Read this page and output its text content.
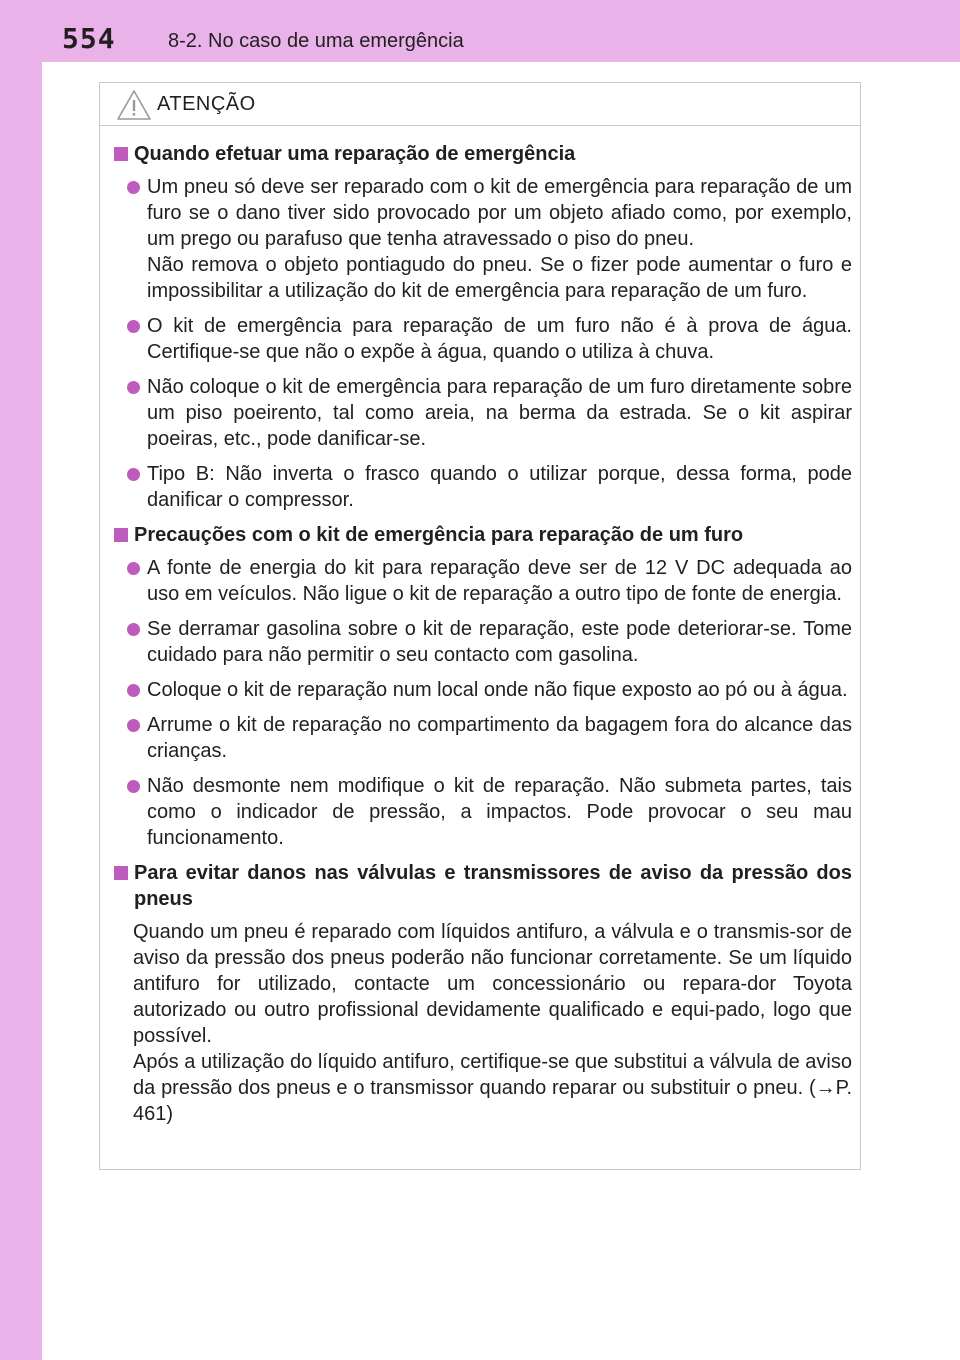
554	8-2. No caso de uma emergência
ATENÇÃO
Quando efetuar uma reparação de emergência
Um pneu só deve ser reparado com o kit de emergência para reparação de um furo se o dano tiver sido provocado por um objeto afiado como, por exemplo, um prego ou parafuso que tenha atravessado o piso do pneu.
Não remova o objeto pontiagudo do pneu. Se o fizer pode aumentar o furo e impossibilitar a utilização do kit de emergência para reparação de um furo.
O kit de emergência para reparação de um furo não é à prova de água. Certifique-se que não o expõe à água, quando o utiliza à chuva.
Não coloque o kit de emergência para reparação de um furo diretamente sobre um piso poeirento, tal como areia, na berma da estrada. Se o kit aspirar poeiras, etc., pode danificar-se.
Tipo B: Não inverta o frasco quando o utilizar porque, dessa forma, pode danificar o compressor.
Precauções com o kit de emergência para reparação de um furo
A fonte de energia do kit para reparação deve ser de 12 V DC adequada ao uso em veículos. Não ligue o kit de reparação a outro tipo de fonte de energia.
Se derramar gasolina sobre o kit de reparação, este pode deteriorar-se. Tome cuidado para não permitir o seu contacto com gasolina.
Coloque o kit de reparação num local onde não fique exposto ao pó ou à água.
Arrume o kit de reparação no compartimento da bagagem fora do alcance das crianças.
Não desmonte nem modifique o kit de reparação. Não submeta partes, tais como o indicador de pressão, a impactos. Pode provocar o seu mau funcionamento.
Para evitar danos nas válvulas e transmissores de aviso da pressão dos pneus
Quando um pneu é reparado com líquidos antifuro, a válvula e o transmis-sor de aviso da pressão dos pneus poderão não funcionar corretamente. Se um líquido antifuro for utilizado, contacte um concessionário ou repara-dor Toyota autorizado ou outro profissional devidamente qualificado e equi-pado, logo que possível.
Após a utilização do líquido antifuro, certifique-se que substitui a válvula de aviso da pressão dos pneus e o transmissor quando reparar ou substituir o pneu. (→P. 461)
